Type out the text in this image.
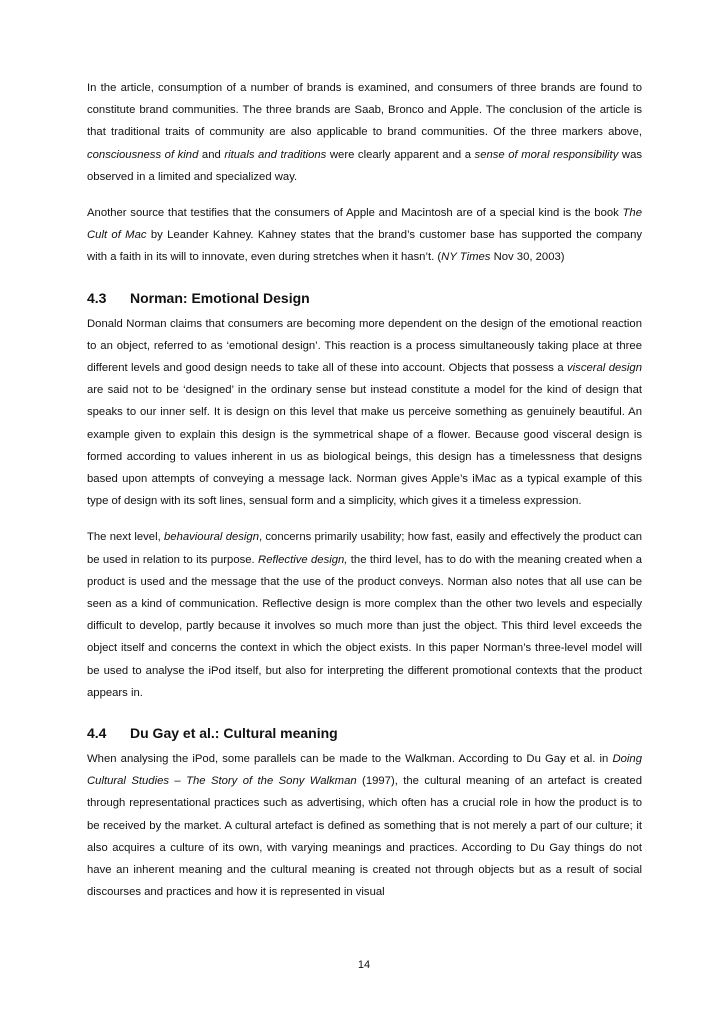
In the article, consumption of a number of brands is examined, and consumers of three brands are found to constitute brand communities. The three brands are Saab, Bronco and Apple. The conclusion of the article is that traditional traits of community are also applicable to brand communities. Of the three markers above, consciousness of kind and rituals and traditions were clearly apparent and a sense of moral responsibility was observed in a limited and specialized way.

Another source that testifies that the consumers of Apple and Macintosh are of a special kind is the book The Cult of Mac by Leander Kahney. Kahney states that the brand’s customer base has supported the company with a faith in its will to innovate, even during stretches when it hasn’t. (NY Times Nov 30, 2003)

4.3	Norman: Emotional Design

Donald Norman claims that consumers are becoming more dependent on the design of the emotional reaction to an object, referred to as ‘emotional design’. This reaction is a process simultaneously taking place at three different levels and good design needs to take all of these into account. Objects that possess a visceral design are said not to be ‘designed’ in the ordinary sense but instead constitute a model for the kind of design that speaks to our inner self. It is design on this level that make us perceive something as genuinely beautiful. An example given to explain this design is the symmetrical shape of a flower. Because good visceral design is formed according to values inherent in us as biological beings, this design has a timelessness that designs based upon attempts of conveying a message lack. Norman gives Apple’s iMac as a typical example of this type of design with its soft lines, sensual form and a simplicity, which gives it a timeless expression.

The next level, behavioural design, concerns primarily usability; how fast, easily and effectively the product can be used in relation to its purpose. Reflective design, the third level, has to do with the meaning created when a product is used and the message that the use of the product conveys. Norman also notes that all use can be seen as a kind of communication. Reflective design is more complex than the other two levels and especially difficult to develop, partly because it involves so much more than just the object. This third level exceeds the object itself and concerns the context in which the object exists. In this paper Norman’s three-level model will be used to analyse the iPod itself, but also for interpreting the different promotional contexts that the product appears in.

4.4	Du Gay et al.: Cultural meaning

When analysing the iPod, some parallels can be made to the Walkman. According to Du Gay et al. in Doing Cultural Studies – The Story of the Sony Walkman (1997), the cultural meaning of an artefact is created through representational practices such as advertising, which often has a crucial role in how the product is to be received by the market. A cultural artefact is defined as something that is not merely a part of our culture; it also acquires a culture of its own, with varying meanings and practices. According to Du Gay things do not have an inherent meaning and the cultural meaning is created not through objects but as a result of social discourses and practices and how it is represented in visual

14
